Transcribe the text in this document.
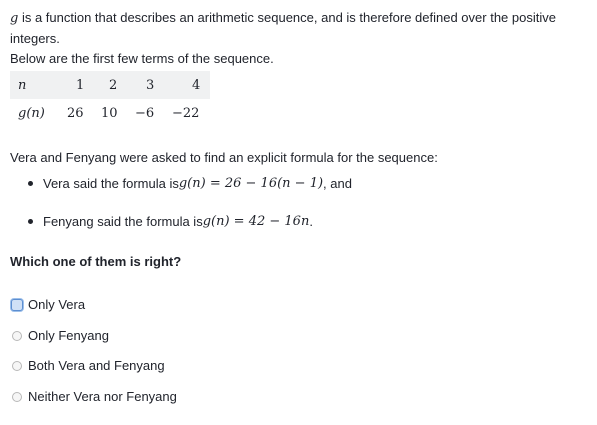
g is a function that describes an arithmetic sequence, and is therefore defined over the positive integers.
Below are the first few terms of the sequence.
n	1 2 3	4
g(n) 26 10 −6 −22
Vera and Fenyang were asked to find an explicit formula for the sequence:
Vera said the formula is g(n) = 26 − 16(n − 1) , and
Fenyang said the formula is g(n) = 42 − 16n .
Which one of them is right?
Only Vera
Only Fenyang
Both Vera and Fenyang
Neither Vera nor Fenyang
